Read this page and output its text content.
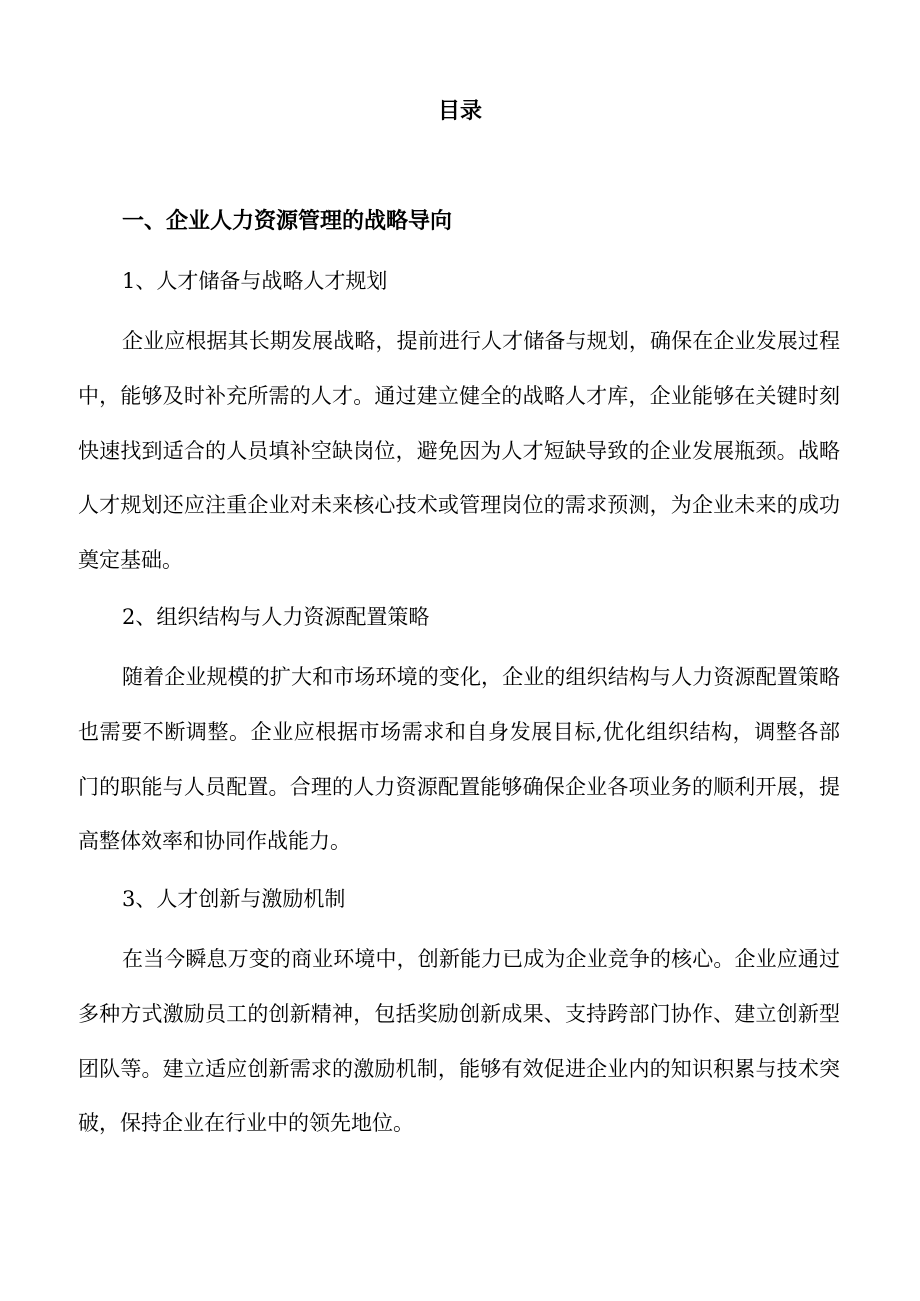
目录
一、企业人力资源管理的战略导向
1、人才储备与战略人才规划

企业应根据其长期发展战略，提前进行人才储备与规划，确保在企业发展过程中，能够及时补充所需的人才。通过建立健全的战略人才库，企业能够在关键时刻快速找到适合的人员填补空缺岗位，避免因为人才短缺导致的企业发展瓶颈。战略人才规划还应注重企业对未来核心技术或管理岗位的需求预测，为企业未来的成功奠定基础。

2、组织结构与人力资源配置策略

随着企业规模的扩大和市场环境的变化，企业的组织结构与人力资源配置策略也需要不断调整。企业应根据市场需求和自身发展目标,优化组织结构，调整各部门的职能与人员配置。合理的人力资源配置能够确保企业各项业务的顺利开展，提高整体效率和协同作战能力。

3、人才创新与激励机制

在当今瞬息万变的商业环境中，创新能力已成为企业竞争的核心。企业应通过多种方式激励员工的创新精神，包括奖励创新成果、支持跨部门协作、建立创新型团队等。建立适应创新需求的激励机制，能够有效促进企业内的知识积累与技术突破，保持企业在行业中的领先地位。
